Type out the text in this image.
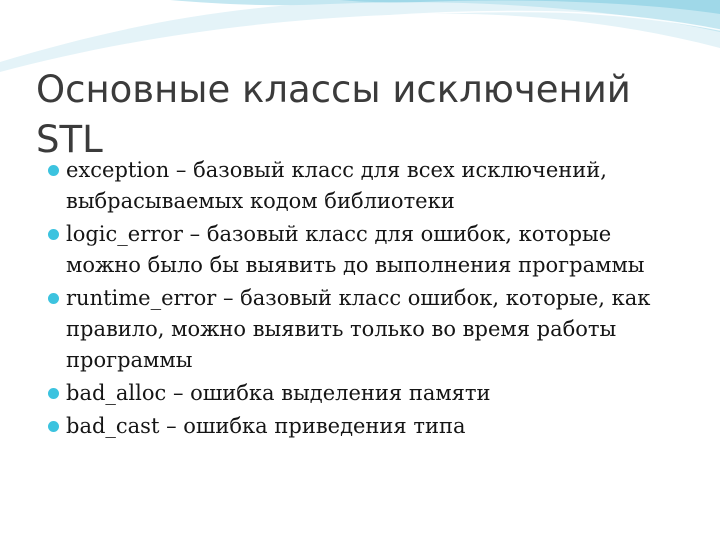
Основные классы исключений STL
exception – базовый класс для всех исключений, выбрасываемых кодом библиотеки
logic_error – базовый класс для ошибок, которые можно было бы выявить до выполнения программы
runtime_error – базовый класс ошибок, которые, как правило, можно выявить только во время работы программы
bad_alloc – ошибка выделения памяти
bad_cast – ошибка приведения типа
